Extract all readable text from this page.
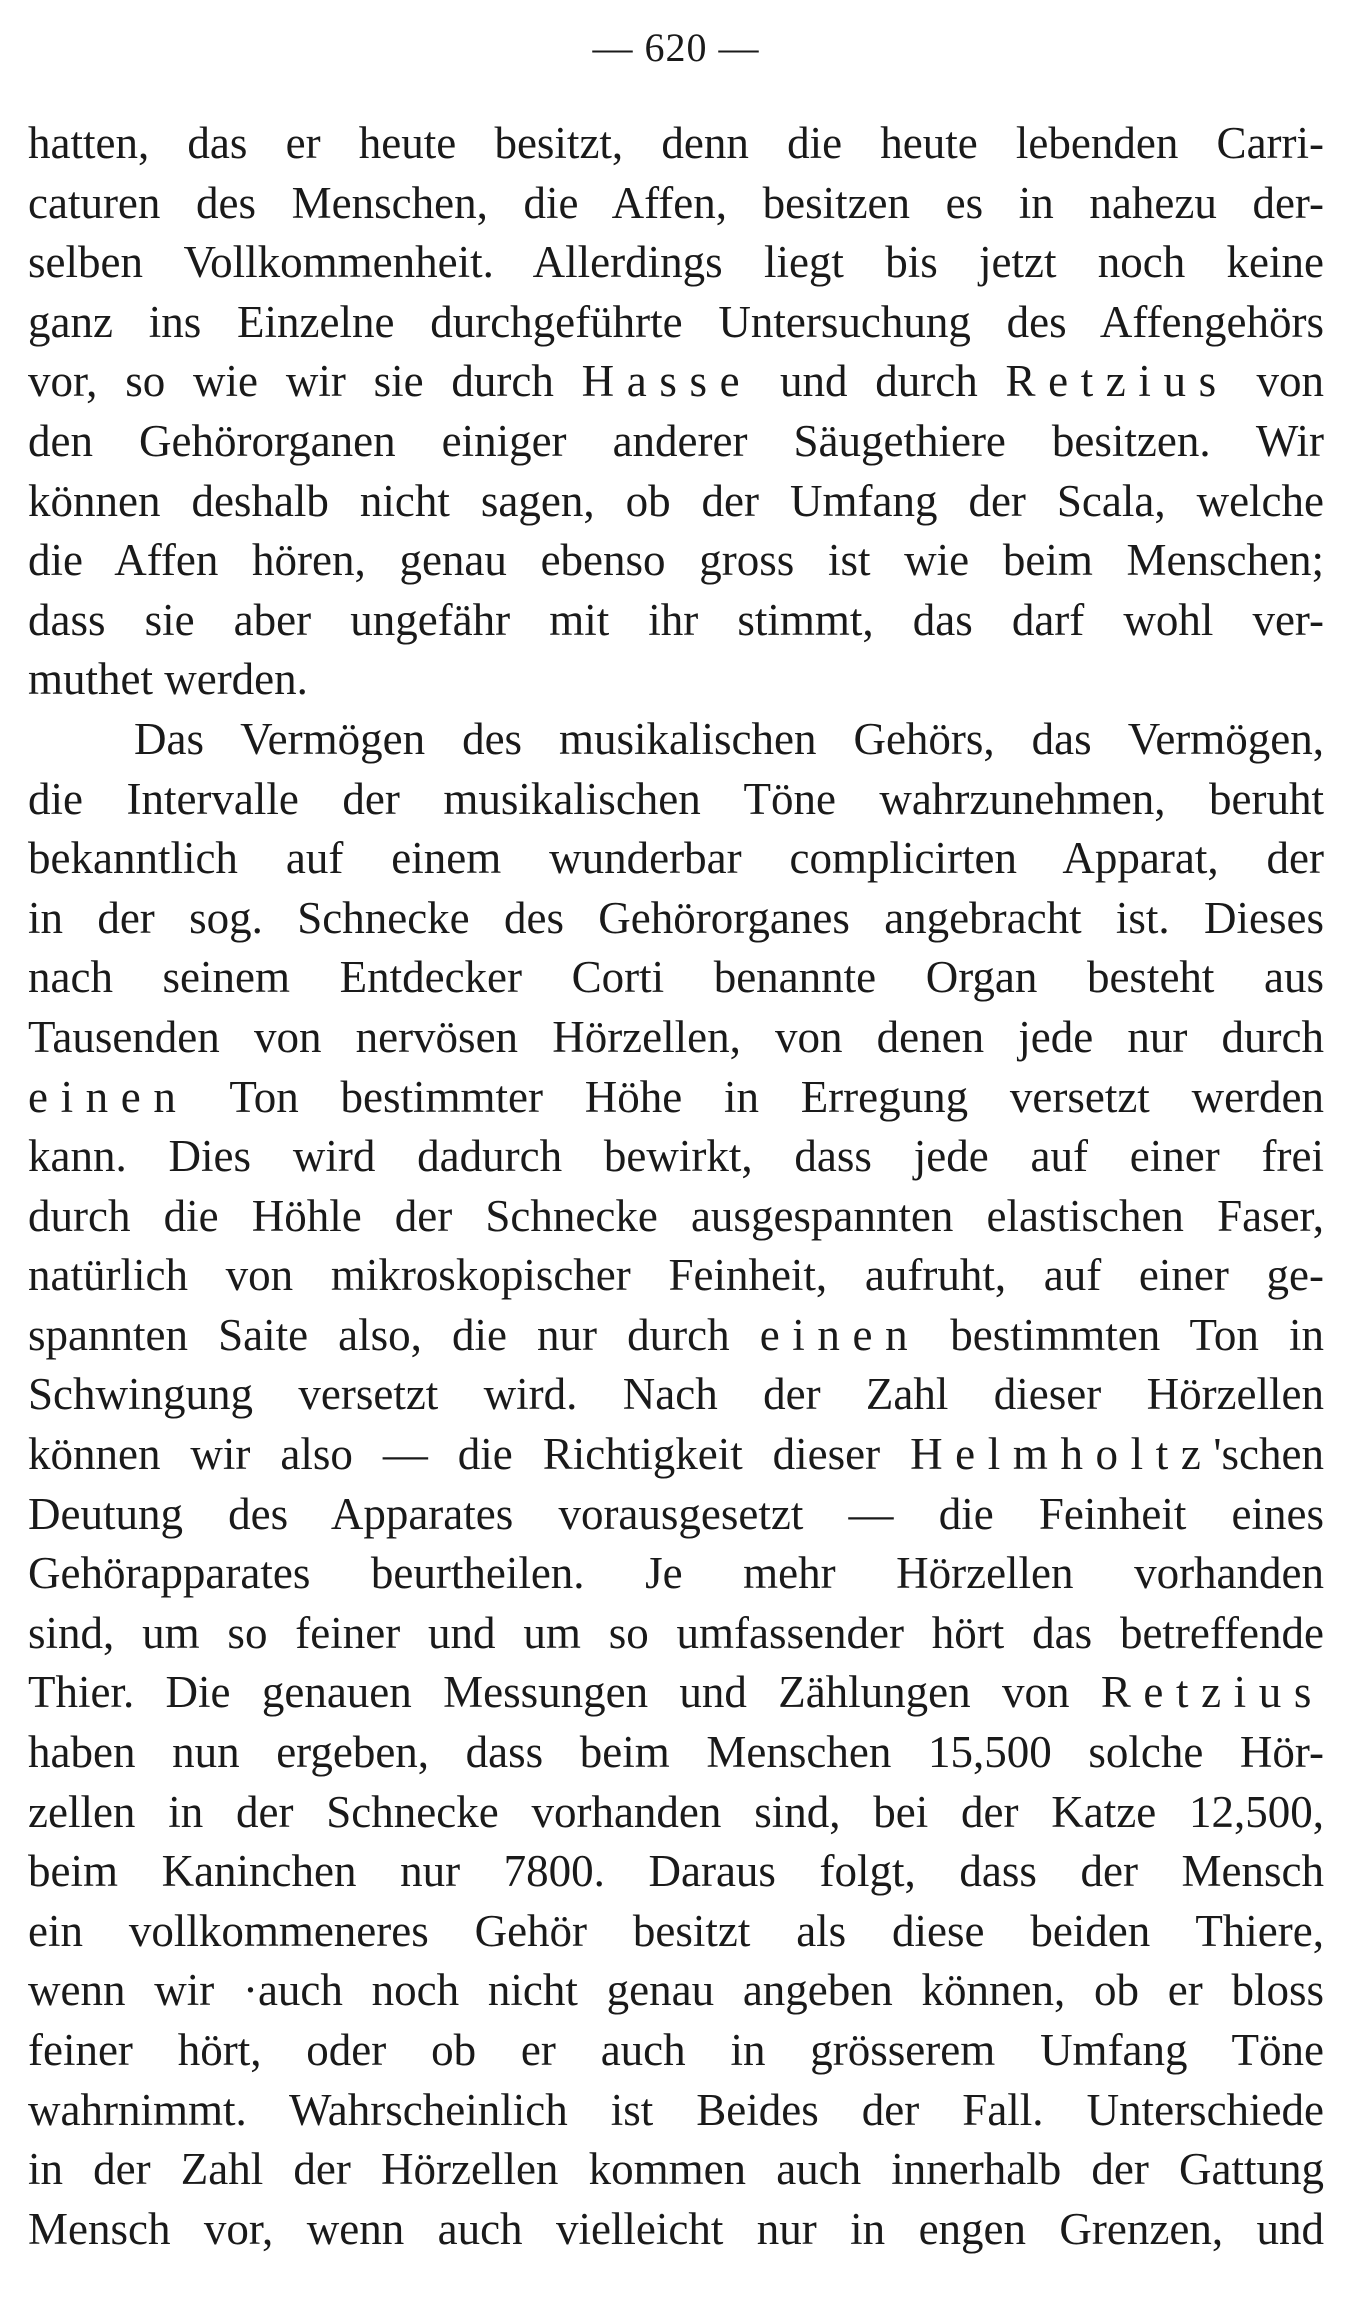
— 620 —
hatten, das er heute besitzt, denn die heute lebenden Carri-
caturen des Menschen, die Affen, besitzen es in nahezu der-
selben Vollkommenheit. Allerdings liegt bis jetzt noch keine
ganz ins Einzelne durchgeführte Untersuchung des Affengehörs
vor, so wie wir sie durch Hasse und durch Retzius von
den Gehörorganen einiger anderer Säugethiere besitzen. Wir
können deshalb nicht sagen, ob der Umfang der Scala, welche
die Affen hören, genau ebenso gross ist wie beim Menschen;
dass sie aber ungefähr mit ihr stimmt, das darf wohl ver-
muthet werden.
Das Vermögen des musikalischen Gehörs, das Vermögen,
die Intervalle der musikalischen Töne wahrzunehmen, beruht
bekanntlich auf einem wunderbar complicirten Apparat, der
in der sog. Schnecke des Gehörorganes angebracht ist. Dieses
nach seinem Entdecker Corti benannte Organ besteht aus
Tausenden von nervösen Hörzellen, von denen jede nur durch
einen Ton bestimmter Höhe in Erregung versetzt werden
kann. Dies wird dadurch bewirkt, dass jede auf einer frei
durch die Höhle der Schnecke ausgespannten elastischen Faser,
natürlich von mikroskopischer Feinheit, aufruht, auf einer ge-
spannten Saite also, die nur durch einen bestimmten Ton in
Schwingung versetzt wird. Nach der Zahl dieser Hörzellen
können wir also — die Richtigkeit dieser Helmholtz'schen
Deutung des Apparates vorausgesetzt — die Feinheit eines
Gehörapparates beurtheilen. Je mehr Hörzellen vorhanden
sind, um so feiner und um so umfassender hört das betreffende
Thier. Die genauen Messungen und Zählungen von Retzius
haben nun ergeben, dass beim Menschen 15,500 solche Hör-
zellen in der Schnecke vorhanden sind, bei der Katze 12,500,
beim Kaninchen nur 7800. Daraus folgt, dass der Mensch
ein vollkommeneres Gehör besitzt als diese beiden Thiere,
wenn wir ·auch noch nicht genau angeben können, ob er bloss
feiner hört, oder ob er auch in grösserem Umfang Töne
wahrnimmt. Wahrscheinlich ist Beides der Fall. Unterschiede
in der Zahl der Hörzellen kommen auch innerhalb der Gattung
Mensch vor, wenn auch vielleicht nur in engen Grenzen, und
